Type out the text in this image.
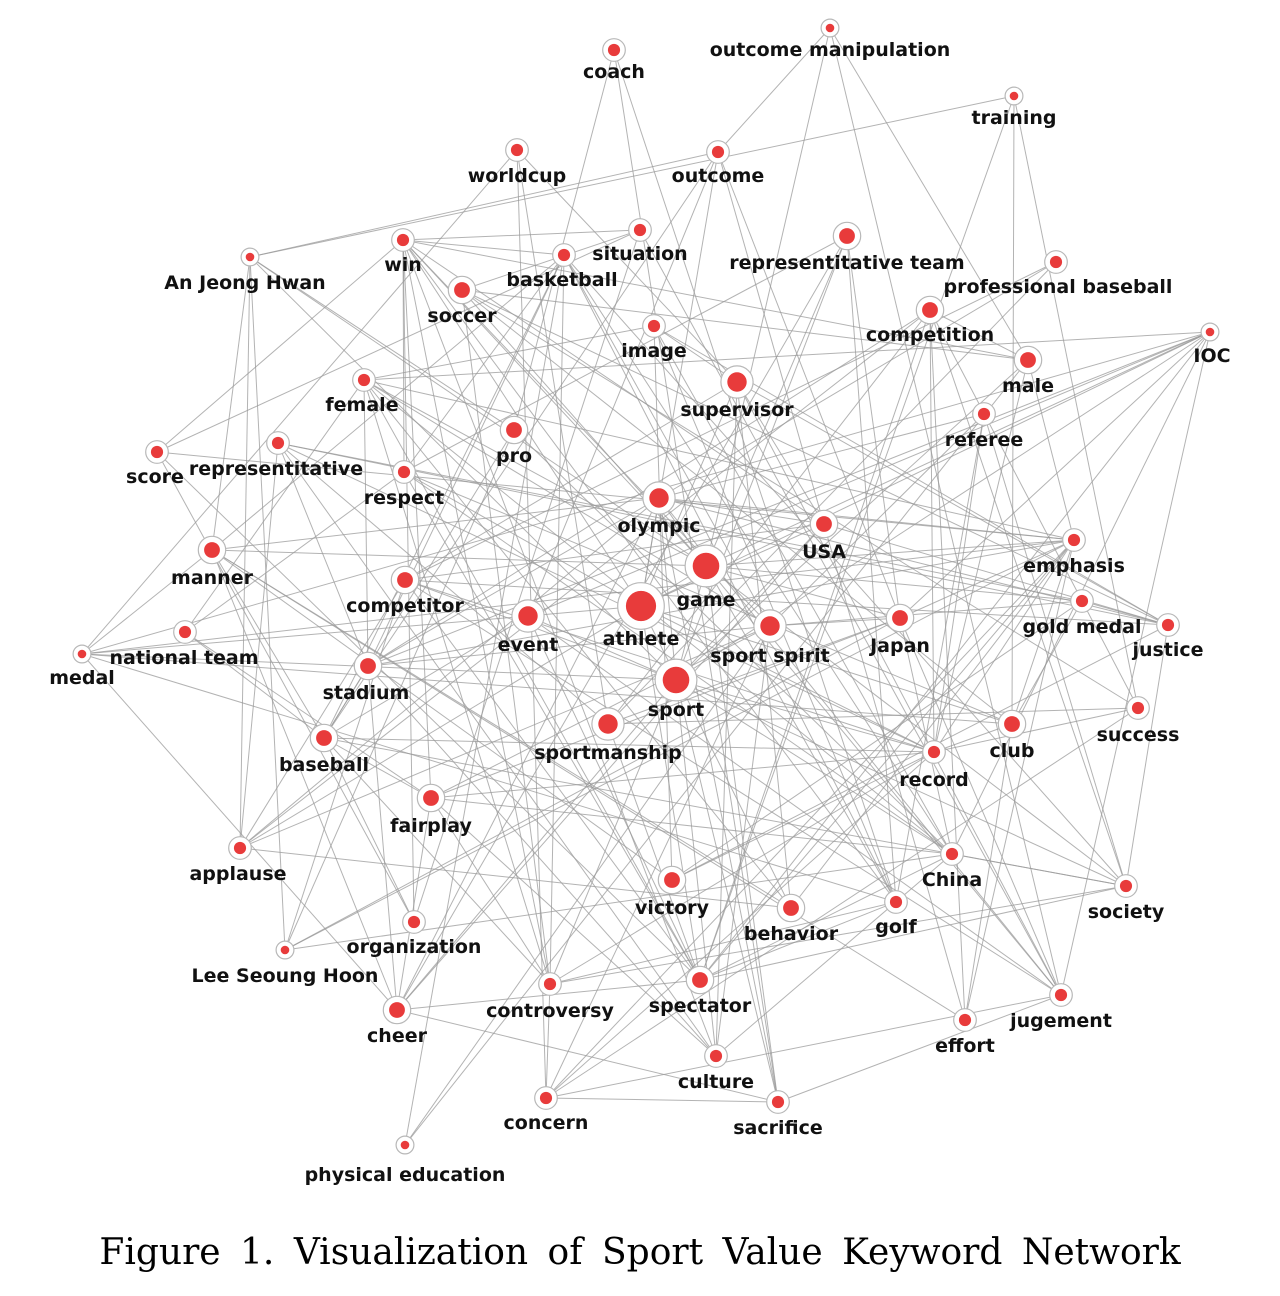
coach
outcome manipulation
training
worldcup	outcome
An Jeong Hwan
win	situation
basketball
representitative team
professional baseball
soccer
image
competition
IOC
male
female	supervisor
referee
score representitative
pro
respect
olympic
USA
emphasis
manner
game
competitor
event athlete
gold medal
justice
national team	sport spirit Japan
medal
stadium
sport
success
baseball
sportmanship	club
record
fairplay
applause	China
victory	society
behavior golf
organization
Lee Seoung Hoon
controversy spectator
jugement
cheer	effort
culture
concern	sacrifice
physical education
Figure 1. Visualization of Sport Value Keyword Network
